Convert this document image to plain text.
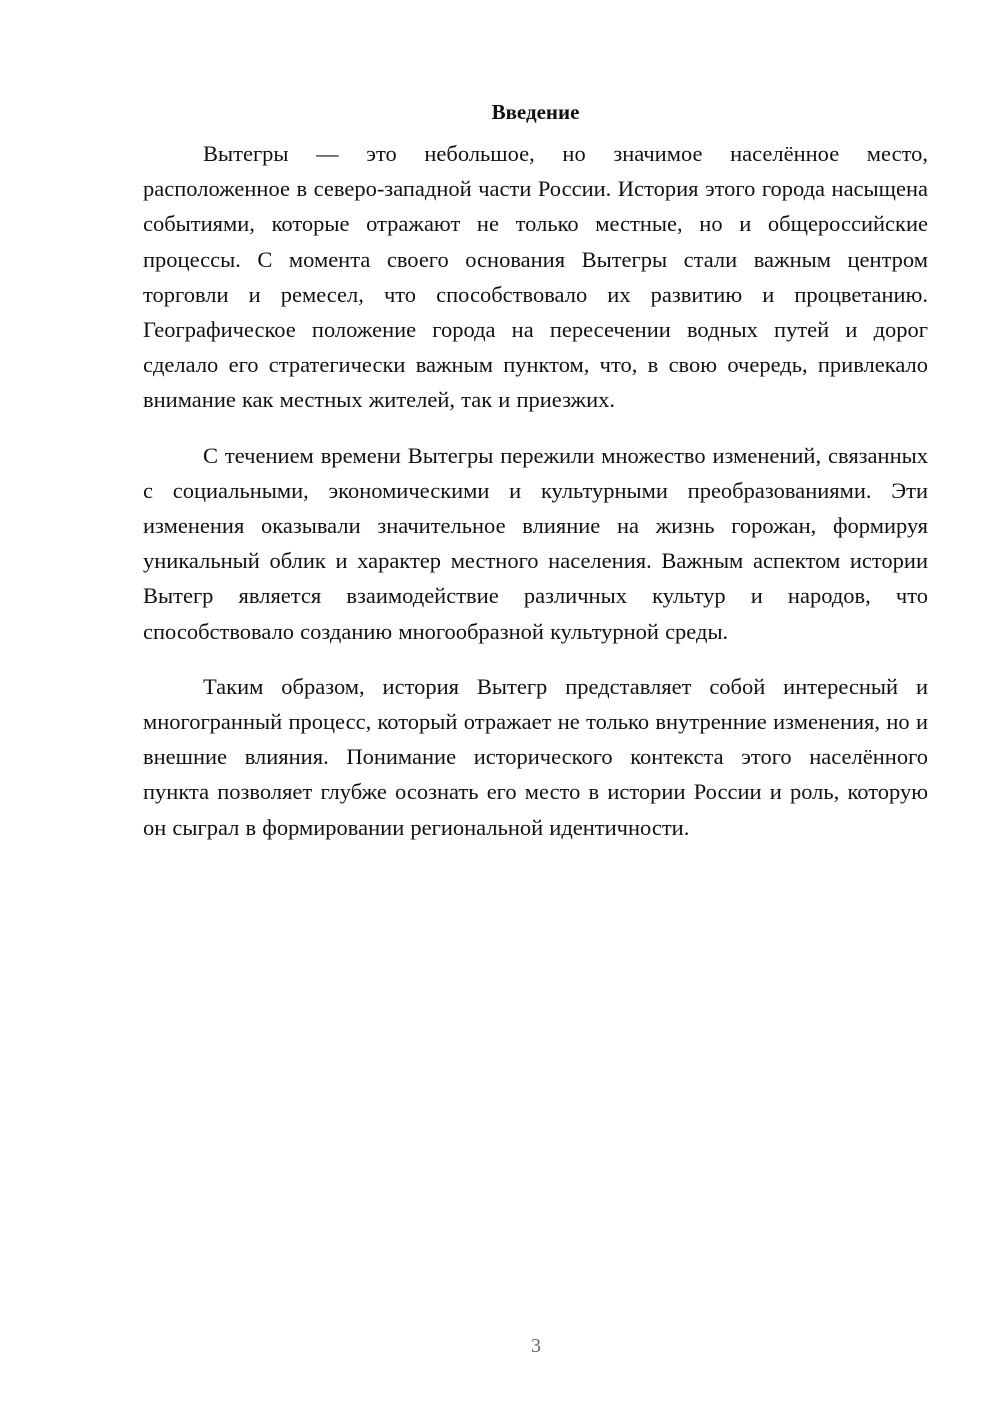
Введение

Вытегры — это небольшое, но значимое населённое место, расположенное в северо-западной части России. История этого города насыщена событиями, которые отражают не только местные, но и общероссийские процессы. С момента своего основания Вытегры стали важным центром торговли и ремесел, что способствовало их развитию и процветанию. Географическое положение города на пересечении водных путей и дорог сделало его стратегически важным пунктом, что, в свою очередь, привлекало внимание как местных жителей, так и приезжих.

С течением времени Вытегры пережили множество изменений, связанных с социальными, экономическими и культурными преобразованиями. Эти изменения оказывали значительное влияние на жизнь горожан, формируя уникальный облик и характер местного населения. Важным аспектом истории Вытегр является взаимодействие различных культур и народов, что способствовало созданию многообразной культурной среды.

Таким образом, история Вытегр представляет собой интересный и многогранный процесс, который отражает не только внутренние изменения, но и внешние влияния. Понимание исторического контекста этого населённого пункта позволяет глубже осознать его место в истории России и роль, которую он сыграл в формировании региональной идентичности.

3
